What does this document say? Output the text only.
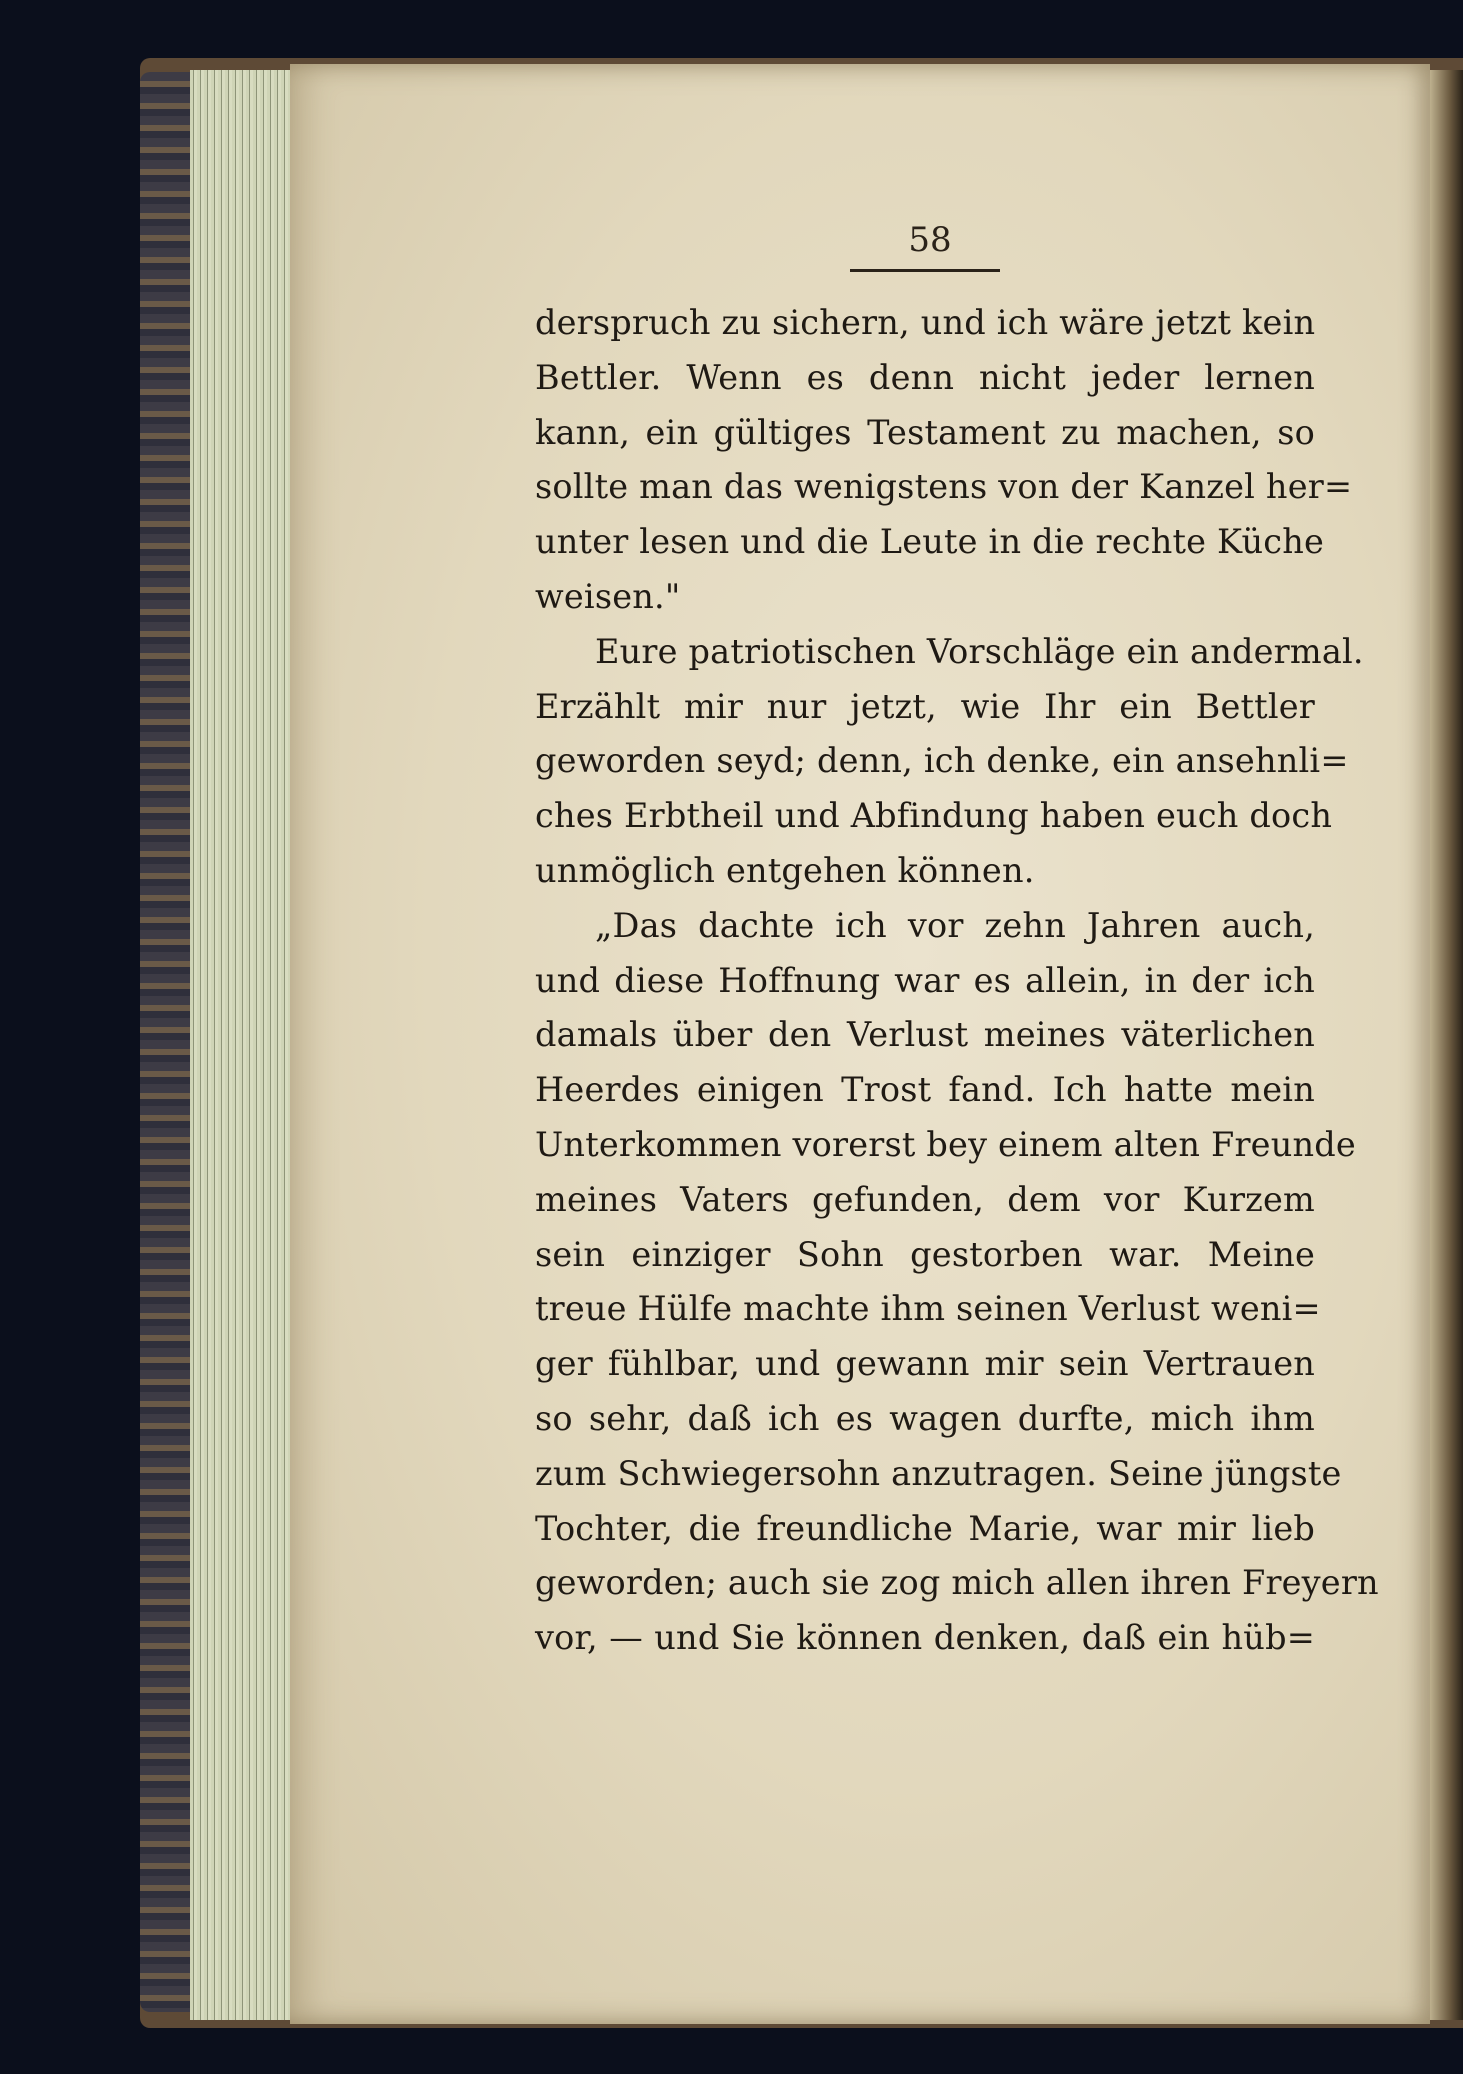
58
derspruch zu sichern, und ich wäre jetzt kein
Bettler. Wenn es denn nicht jeder lernen
kann, ein gültiges Testament zu machen, so
sollte man das wenigstens von der Kanzel her=
unter lesen und die Leute in die rechte Küche
weisen."
Eure patriotischen Vorschläge ein andermal.
Erzählt mir nur jetzt, wie Ihr ein Bettler
geworden seyd; denn, ich denke, ein ansehnli=
ches Erbtheil und Abfindung haben euch doch
unmöglich entgehen können.
„Das dachte ich vor zehn Jahren auch,
und diese Hoffnung war es allein, in der ich
damals über den Verlust meines väterlichen
Heerdes einigen Trost fand. Ich hatte mein
Unterkommen vorerst bey einem alten Freunde
meines Vaters gefunden, dem vor Kurzem
sein einziger Sohn gestorben war. Meine
treue Hülfe machte ihm seinen Verlust weni=
ger fühlbar, und gewann mir sein Vertrauen
so sehr, daß ich es wagen durfte, mich ihm
zum Schwiegersohn anzutragen. Seine jüngste
Tochter, die freundliche Marie, war mir lieb
geworden; auch sie zog mich allen ihren Freyern
vor, — und Sie können denken, daß ein hüb=
